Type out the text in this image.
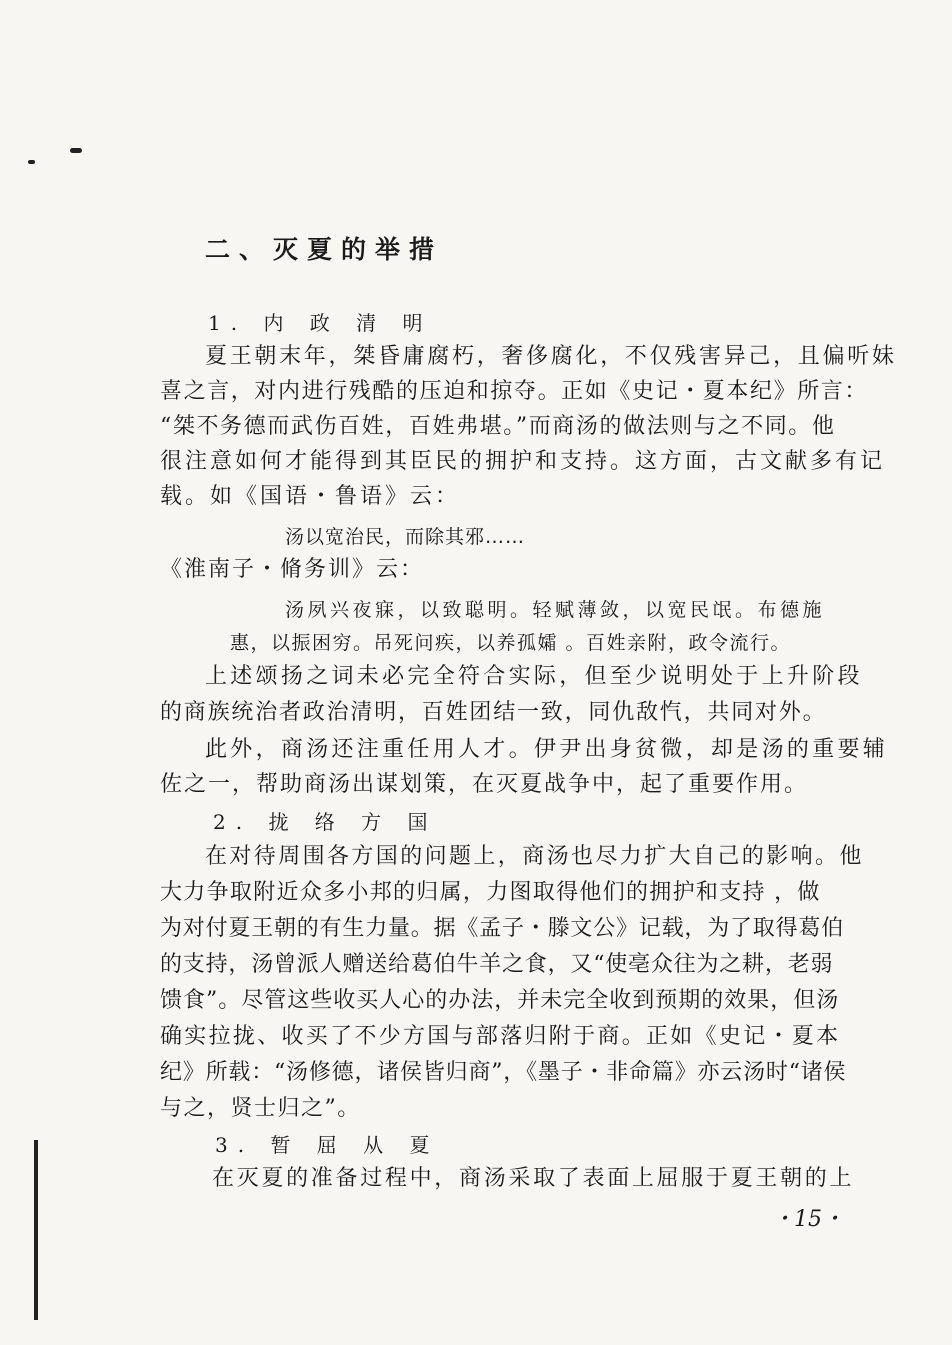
二、灭夏的举措
1. 内 政 清 明
夏王朝末年，桀昏庸腐朽，奢侈腐化，不仅残害异己，且偏听妹
喜之言，对内进行残酷的压迫和掠夺。正如《史记・夏本纪》所言：
“桀不务德而武伤百姓，百姓弗堪。”而商汤的做法则与之不同。他
很注意如何才能得到其臣民的拥护和支持。这方面，古文献多有记
载。如《国语・鲁语》云：
汤以宽治民，而除其邪……
《淮南子・脩务训》云：
汤夙兴夜寐，以致聪明。轻赋薄敛，以宽民氓。布德施
惠，以振困穷。吊死问疾，以养孤孀 。百姓亲附，政令流行。
上述颂扬之词未必完全符合实际，但至少说明处于上升阶段
的商族统治者政治清明，百姓团结一致，同仇敌忾，共同对外。
此外，商汤还注重任用人才。伊尹出身贫微，却是汤的重要辅
佐之一，帮助商汤出谋划策，在灭夏战争中，起了重要作用。
2. 拢 络 方 国
在对待周围各方国的问题上，商汤也尽力扩大自己的影响。他
大力争取附近众多小邦的归属，力图取得他们的拥护和支持 ，做
为对付夏王朝的有生力量。据《孟子・滕文公》记载，为了取得葛伯
的支持，汤曾派人赠送给葛伯牛羊之食，又“使亳众往为之耕，老弱
馈食”。尽管这些收买人心的办法，并未完全收到预期的效果，但汤
确实拉拢、收买了不少方国与部落归附于商。正如《史记・夏本
纪》所载：“汤修德，诸侯皆归商”，《墨子・非命篇》亦云汤时“诸侯
与之，贤士归之”。
3. 暂 屈 从 夏
在灭夏的准备过程中，商汤采取了表面上屈服于夏王朝的上
・15・
